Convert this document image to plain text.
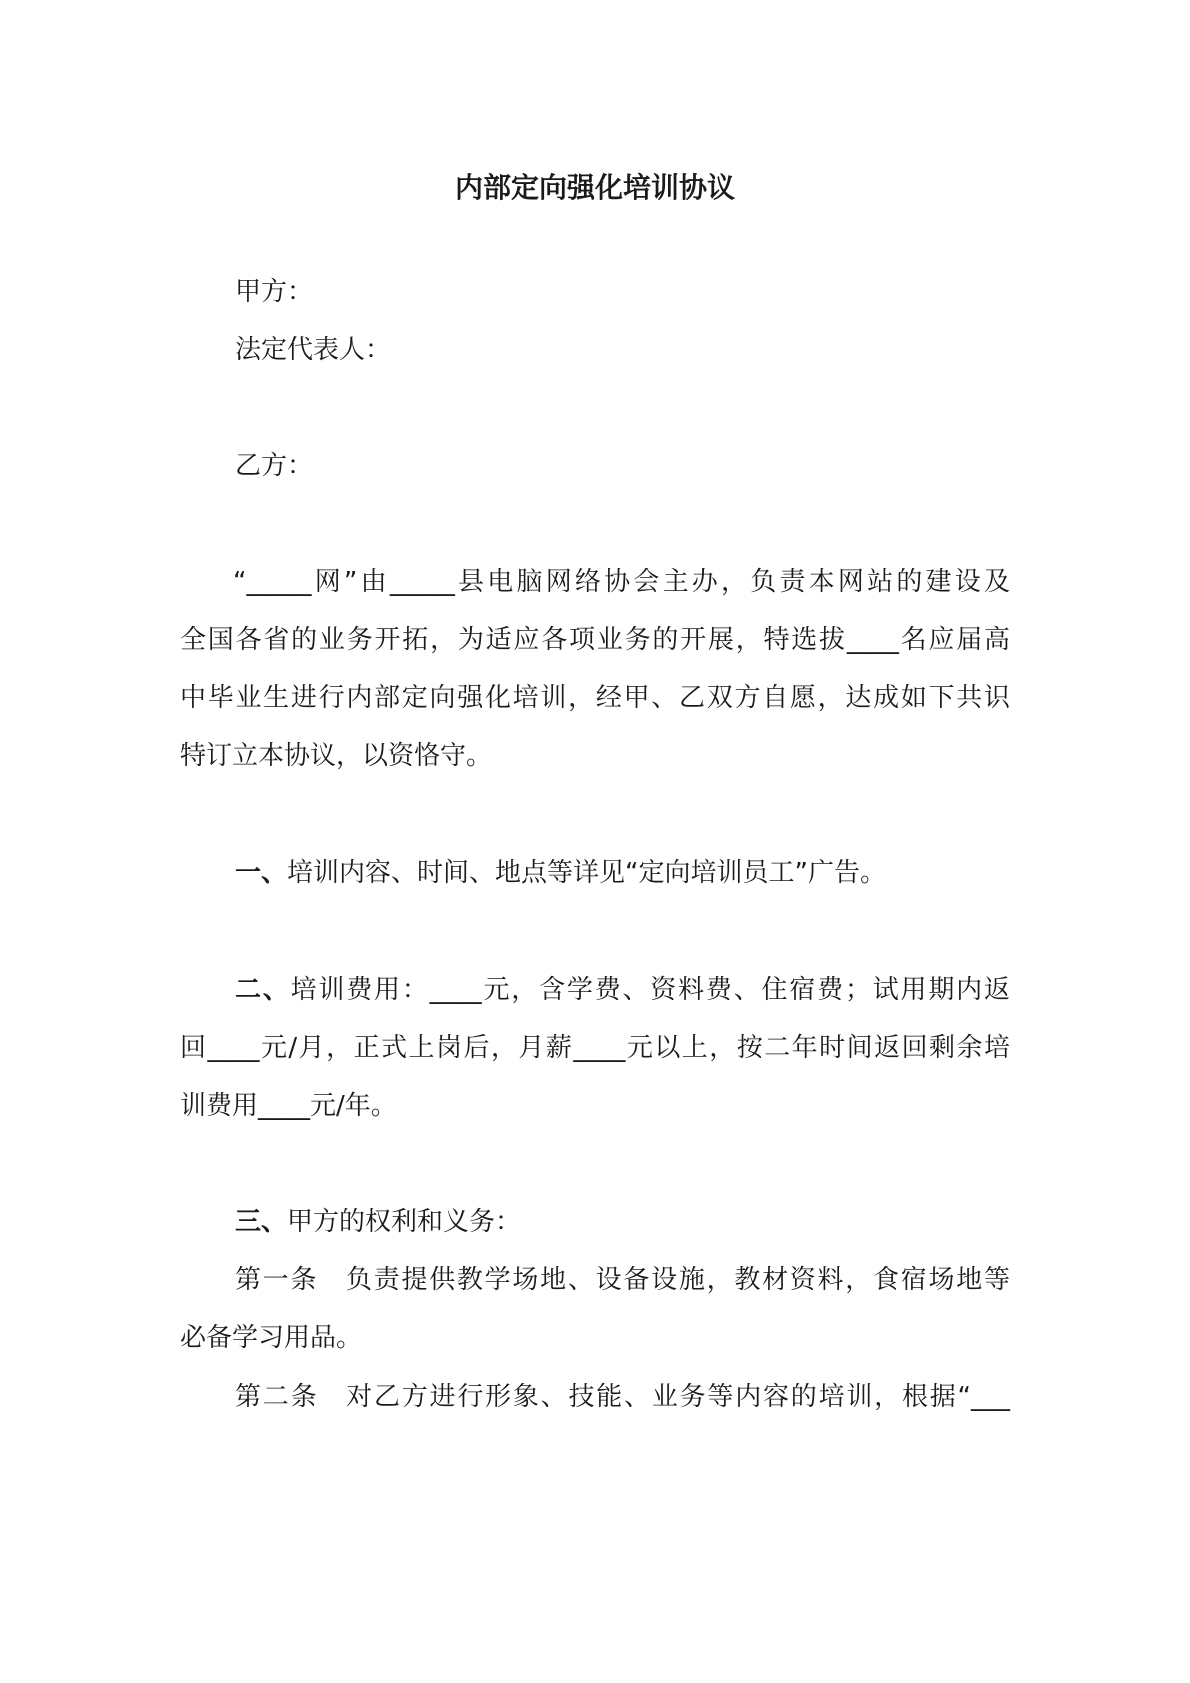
内部定向强化培训协议
甲方：
法定代表人：
乙方：
“_____网”由_____县电脑网络协会主办，负责本网站的建设及
全国各省的业务开拓，为适应各项业务的开展，特选拔____名应届高
中毕业生进行内部定向强化培训，经甲、乙双方自愿，达成如下共识
特订立本协议，以资恪守。
一、培训内容、时间、地点等详见“定向培训员工”广告。
二、培训费用：____元，含学费、资料费、住宿费；试用期内返
回____元/月，正式上岗后，月薪____元以上，按二年时间返回剩余培
训费用____元/年。
三、甲方的权利和义务：
第一条　负责提供教学场地、设备设施，教材资料，食宿场地等
必备学习用品。
第二条　对乙方进行形象、技能、业务等内容的培训，根据“___
